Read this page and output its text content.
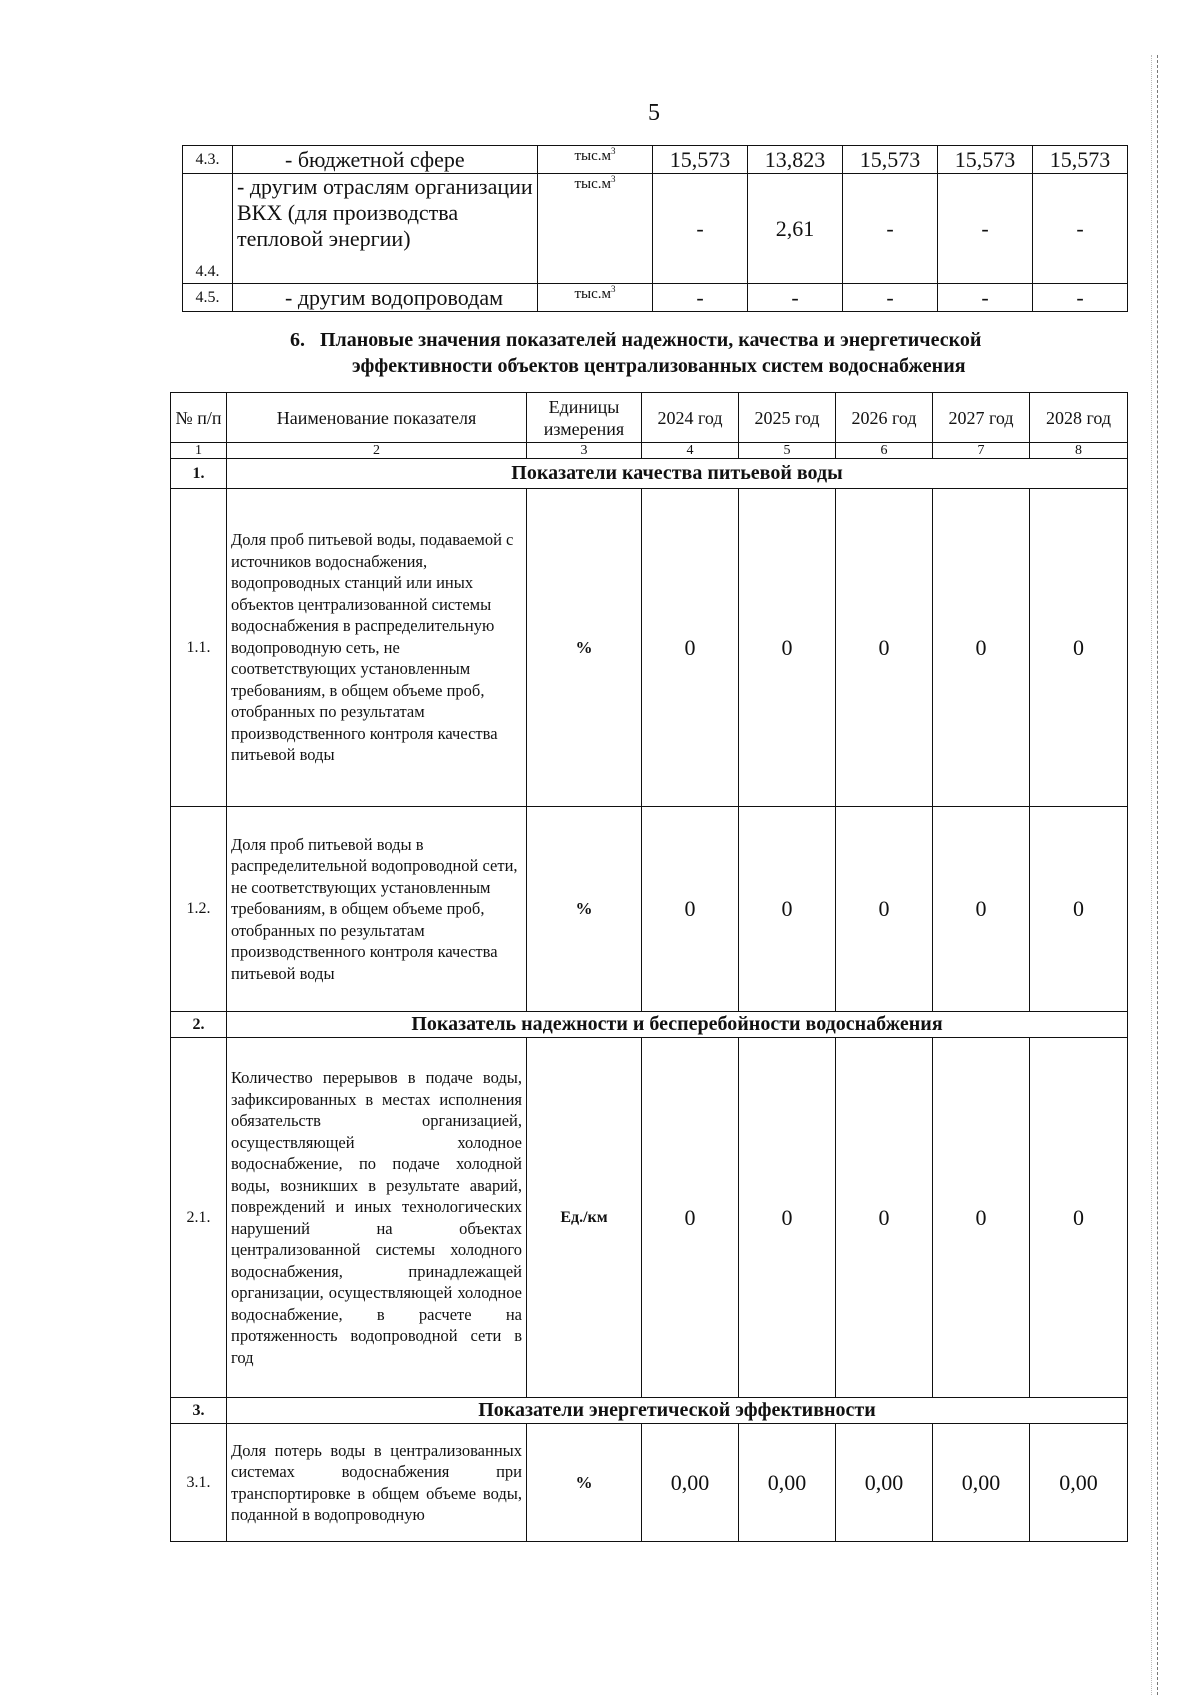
5
4.3.	- бюджетной сфере	$тыс.м^3$	15,573	13,823	15,573	15,573	15,573
4.4.	- другим отраслям организации ВКХ (для производства тепловой энергии)	$тыс.м^3$	-	2,61	-	-	-
4.5.	- другим водопроводам	$тыс.м^3$	-	-	-	-	-
6. Плановые значения показателей надежности, качества и энергетической
эффективности объектов централизованных систем водоснабжения
№ п/п	Наименование показателя	Единицы измерения	2024 год	2025 год	2026 год	2027 год	2028 год
1	2	3	4	5	6	7	8
1.	Показатели качества питьевой воды						
1.1.	Доля проб питьевой воды, подаваемой с источников водоснабжения, водопроводных станций или иных объектов централизованной системы водоснабжения в распределительную водопроводную сеть, не соответствующих установленным требованиям, в общем объеме проб, отобранных по результатам производственного контроля качества питьевой воды	%	0	0	0	0	0
1.2.	Доля проб питьевой воды в распределительной водопроводной сети, не соответствующих установленным требованиям, в общем объеме проб, отобранных по результатам производственного контроля качества питьевой воды	%	0	0	0	0	0
2.	Показатель надежности и бесперебойности водоснабжения						
2.1.	Количество перерывов в подаче воды, зафиксированных в местах исполнения обязательств организацией, осуществляющей холодное водоснабжение, по подаче холодной воды, возникших в результате аварий, повреждений и иных технологических нарушений на объектах централизованной системы холодного водоснабжения, принадлежащей организации, осуществляющей холодное водоснабжение, в расчете на протяженность водопроводной сети в год	Ед./км	0	0	0	0	0
3.	Показатели энергетической эффективности						
3.1.	Доля потерь воды в централизованных системах водоснабжения при транспортировке в общем объеме воды, поданной в водопроводную	%	0,00	0,00	0,00	0,00	0,00
